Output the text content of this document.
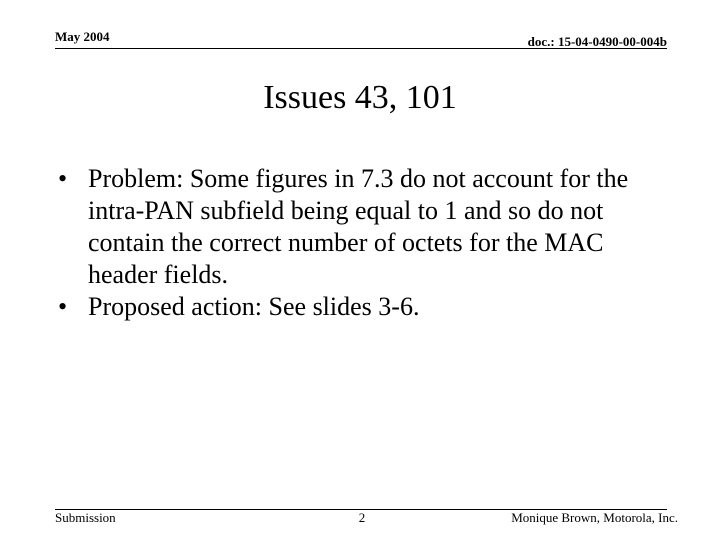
May 2004	doc.: 15-04-0490-00-004b
Issues 43, 101
• Problem: Some figures in 7.3 do not account for the intra-PAN subfield being equal to 1 and so do not contain the correct number of octets for the MAC header fields.
• Proposed action: See slides 3-6.
Submission	2	Monique Brown, Motorola, Inc.
